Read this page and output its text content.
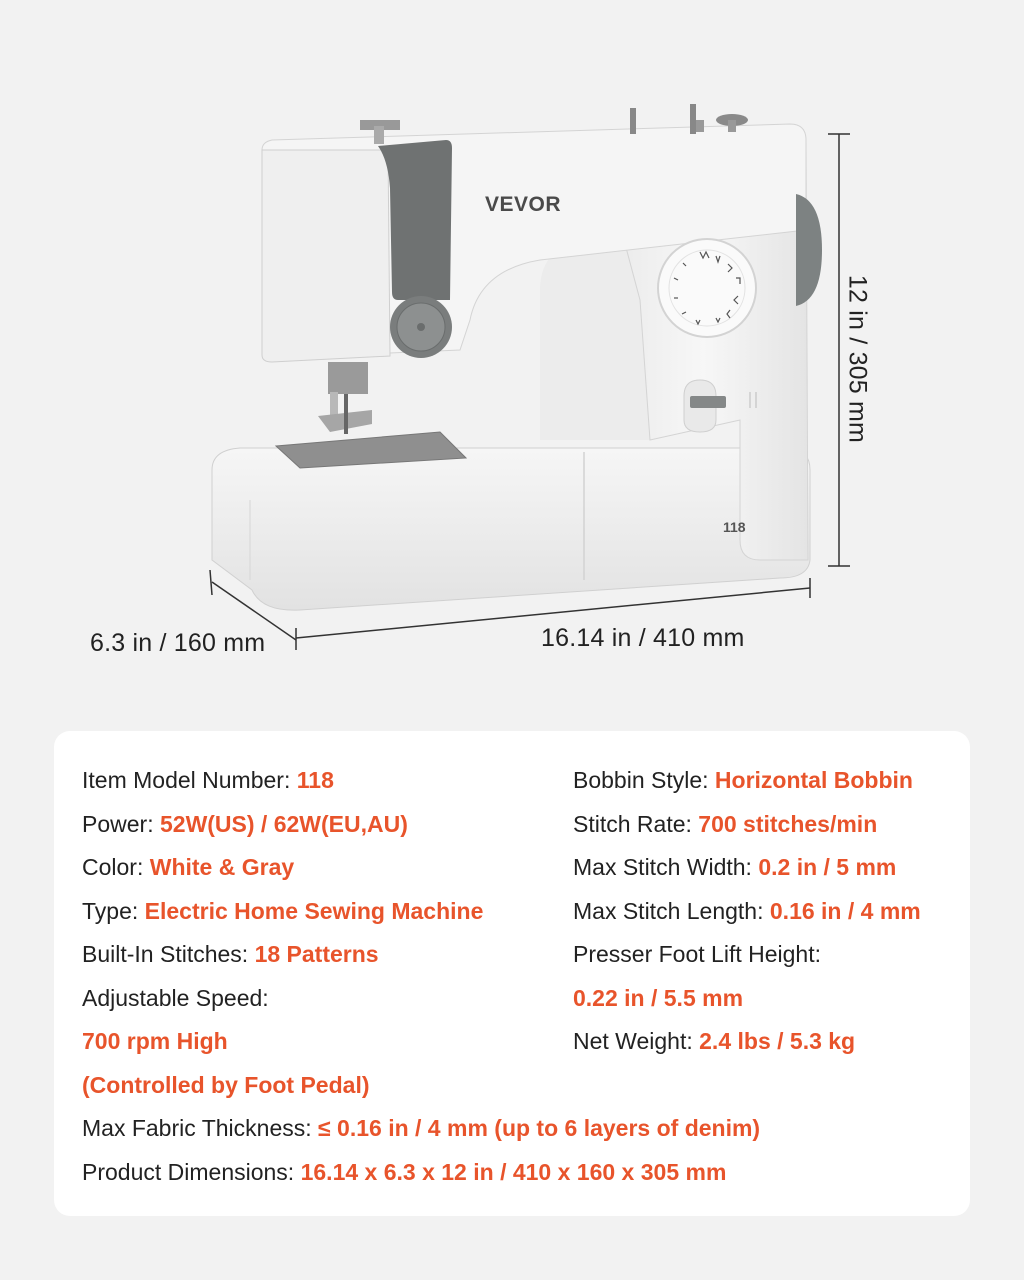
VEVOR
118
16.14 in / 410 mm
6.3 in / 160 mm
12 in / 305 mm
Item Model Number: 118
Power: 52W(US) / 62W(EU,AU)
Color: White & Gray
Type: Electric Home Sewing Machine
Built-In Stitches: 18 Patterns
Adjustable Speed:
700 rpm High
(Controlled by Foot Pedal)
Bobbin Style: Horizontal Bobbin
Stitch Rate: 700 stitches/min
Max Stitch Width: 0.2 in / 5 mm
Max Stitch Length: 0.16 in / 4 mm
Presser Foot Lift Height:
0.22 in / 5.5 mm
Net Weight: 2.4 lbs / 5.3 kg
Max Fabric Thickness: ≤ 0.16 in / 4 mm (up to 6 layers of denim)
Product Dimensions: 16.14 x 6.3 x 12 in / 410 x 160 x 305 mm
